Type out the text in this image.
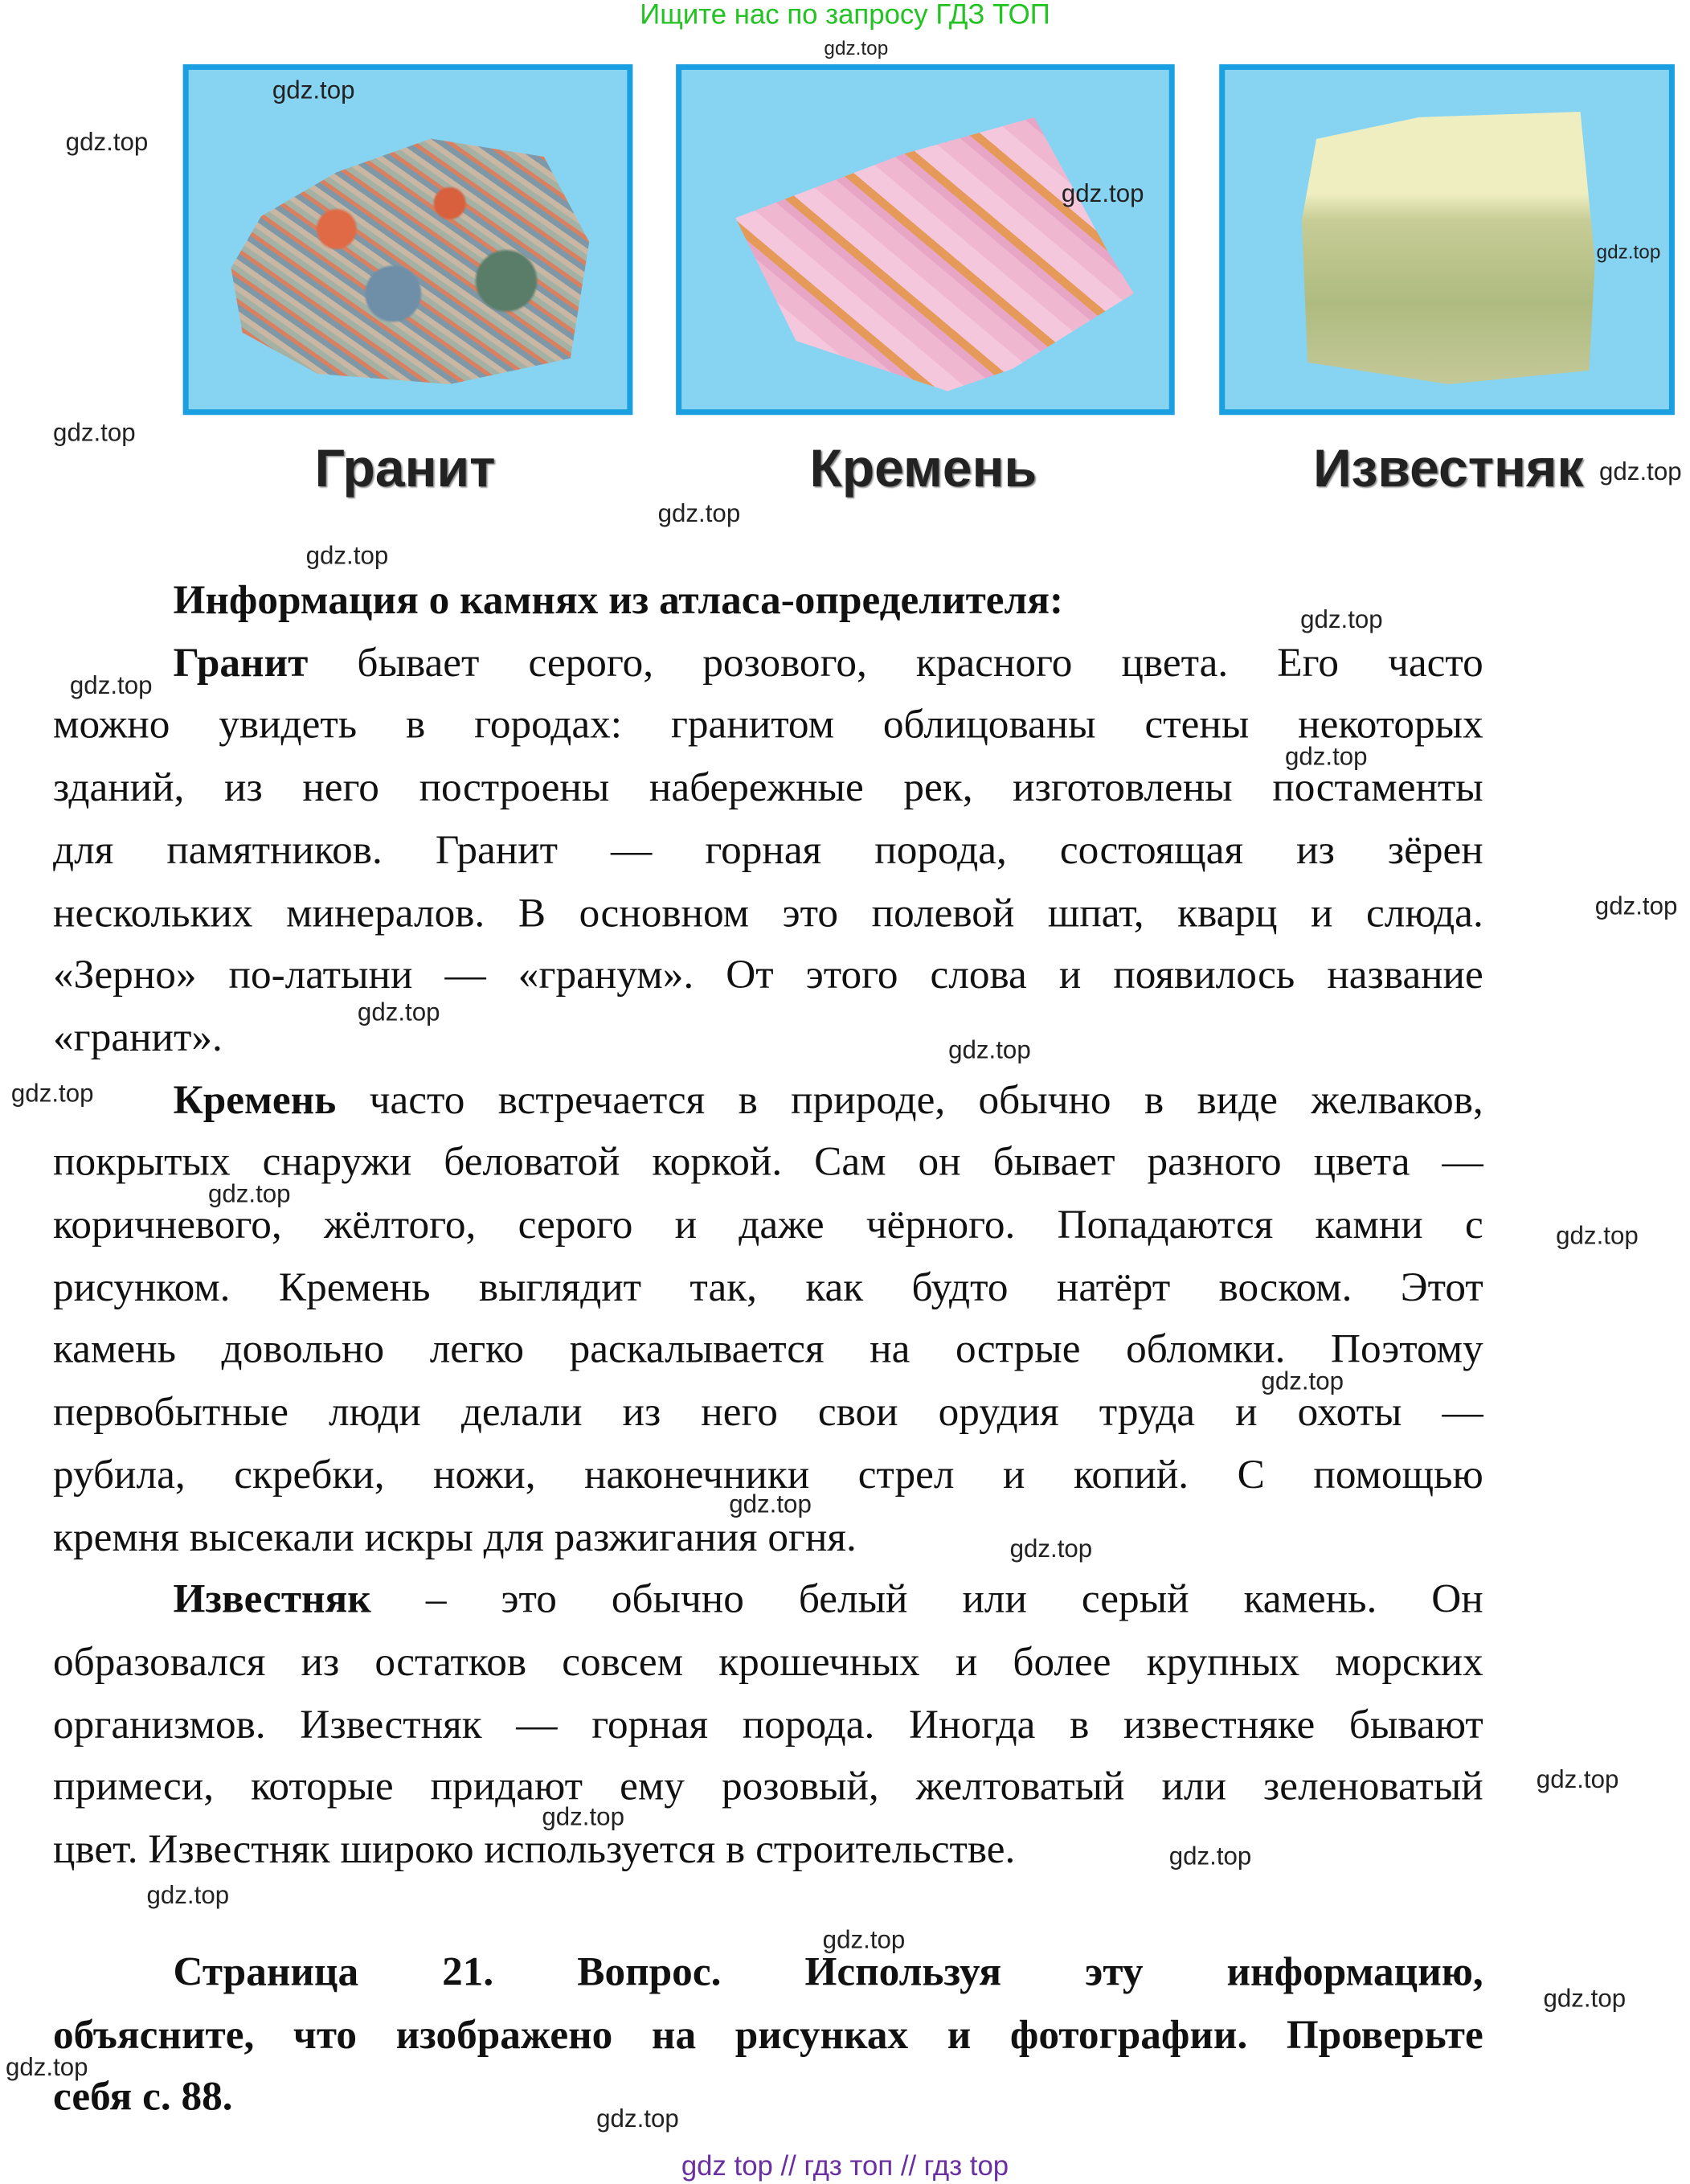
Ищите нас по запросу ГДЗ ТОП
Гранит	Кремень	Известняк
Информация о камнях из атласа-определителя:
Гранит бывает серого, розового, красного цвета. Его часто
можно увидеть в городах: гранитом облицованы стены некоторых
зданий, из него построены набережные рек, изготовлены постаменты
для памятников. Гранит — горная порода, состоящая из зёрен
нескольких минералов. В основном это полевой шпат, кварц и слюда.
«Зерно» по-латыни — «гранум». От этого слова и появилось название
«гранит».
Кремень часто встречается в природе, обычно в виде желваков,
покрытых снаружи беловатой коркой. Сам он бывает разного цвета —
коричневого, жёлтого, серого и даже чёрного. Попадаются камни с
рисунком. Кремень выглядит так, как будто натёрт воском. Этот
камень довольно легко раскалывается на острые обломки. Поэтому
первобытные люди делали из него свои орудия труда и охоты —
рубила, скребки, ножи, наконечники стрел и копий. С помощью
кремня высекали искры для разжигания огня.
Известняк – это обычно белый или серый камень. Он
образовался из остатков совсем крошечных и более крупных морских
организмов. Известняк — горная порода. Иногда в известняке бывают
примеси, которые придают ему розовый, желтоватый или зеленоватый
цвет. Известняк широко используется в строительстве.
Страница 21. Вопрос. Используя эту информацию,
объясните, что изображено на рисунках и фотографии. Проверьте
себя с. 88.
gdz.top
gdz.top
gdz.top
gdz.top
gdz.top
gdz.top
gdz.top
gdz.top
gdz.top
gdz.top
gdz.top
gdz.top
gdz.top
gdz.top
gdz.top
gdz.top
gdz.top
gdz.top
gdz.top
gdz.top
gdz.top
gdz.top
gdz.top
gdz.top
gdz.top
gdz.top
gdz.top
gdz.top
gdz.top
gdz top // гдз топ // гдз top
